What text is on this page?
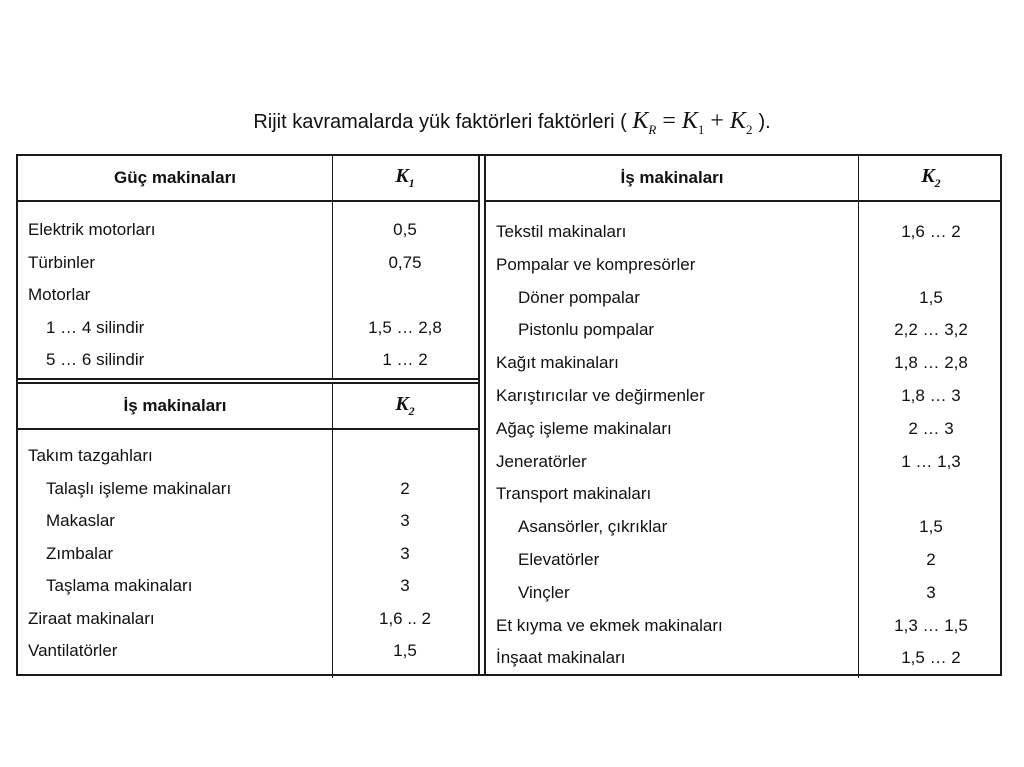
Rijit kavramalarda yük faktörleri faktörleri ( $K_R = K_1 + K_2$ ).
Güç makinaları	$K_1$
Elektrik motorları	0,5
Türbinler	0,75
Motorlar
1 … 4 silindir	1,5 … 2,8
5 … 6 silindir	1 … 2
İş makinaları	$K_2$
Takım tazgahları
Talaşlı işleme makinaları	2
Makaslar	3
Zımbalar	3
Taşlama makinaları	3
Ziraat makinaları	1,6 .. 2
Vantilatörler	1,5
İş makinaları	$K_2$
Tekstil makinaları	1,6 … 2
Pompalar ve kompresörler
Döner pompalar	1,5
Pistonlu pompalar	2,2 … 3,2
Kağıt makinaları	1,8 … 2,8
Karıştırıcılar ve değirmenler	1,8 … 3
Ağaç işleme makinaları	2 … 3
Jeneratörler	1 … 1,3
Transport makinaları
Asansörler, çıkrıklar	1,5
Elevatörler	2
Vinçler	3
Et kıyma ve ekmek makinaları	1,3 … 1,5
İnşaat makinaları	1,5 … 2
